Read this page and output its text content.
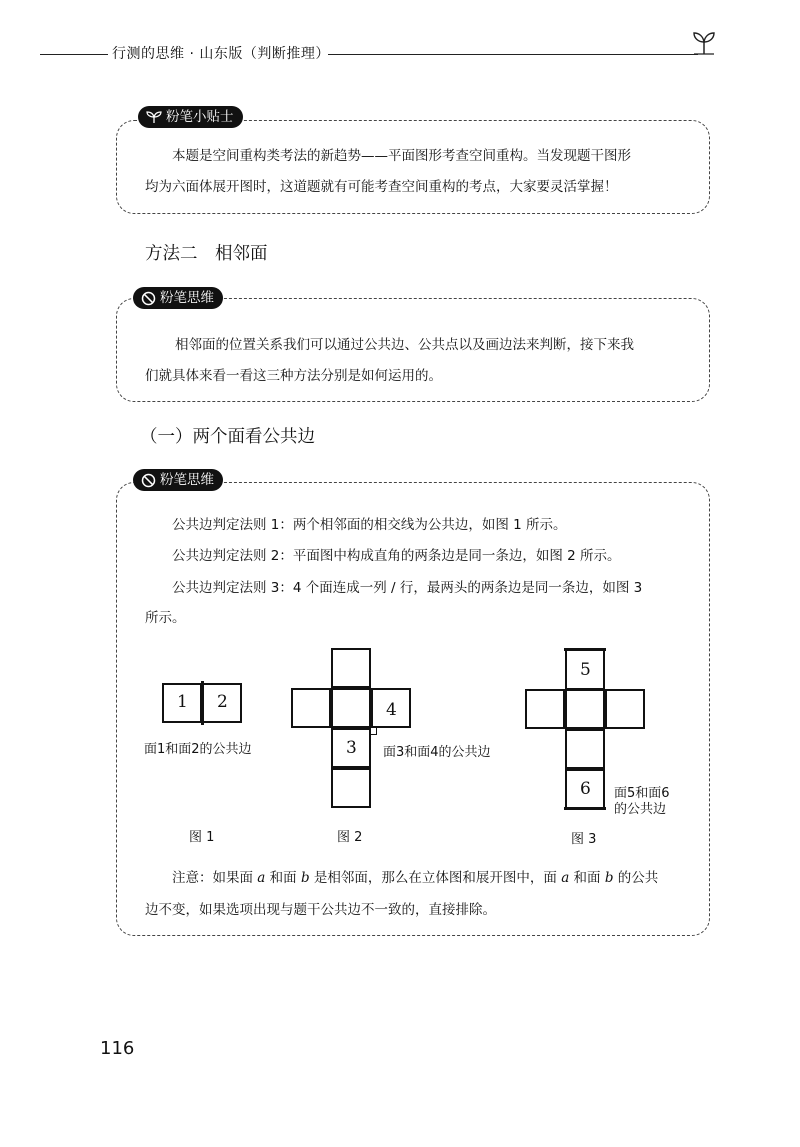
行测的思维 · 山东版（判断推理）
粉笔小贴士
本题是空间重构类考法的新趋势——平面图形考查空间重构。当发现题干图形
均为六面体展开图时，这道题就有可能考查空间重构的考点，大家要灵活掌握！
方法二　相邻面
粉笔思维
相邻面的位置关系我们可以通过公共边、公共点以及画边法来判断，接下来我
们就具体来看一看这三种方法分别是如何运用的。
（一）两个面看公共边
粉笔思维
公共边判定法则 1：两个相邻面的相交线为公共边，如图 1 所示。
公共边判定法则 2：平面图中构成直角的两条边是同一条边，如图 2 所示。
公共边判定法则 3：4 个面连成一列 / 行，最两头的两条边是同一条边，如图 3
所示。
1 2
面1和面2的公共边
图 1
4
3 面3和面4的公共边
图 2
5
6 面5和面6
的公共边
图 3
注意：如果面 a 和面 b 是相邻面，那么在立体图和展开图中，面 a 和面 b 的公共
边不变，如果选项出现与题干公共边不一致的，直接排除。
116
